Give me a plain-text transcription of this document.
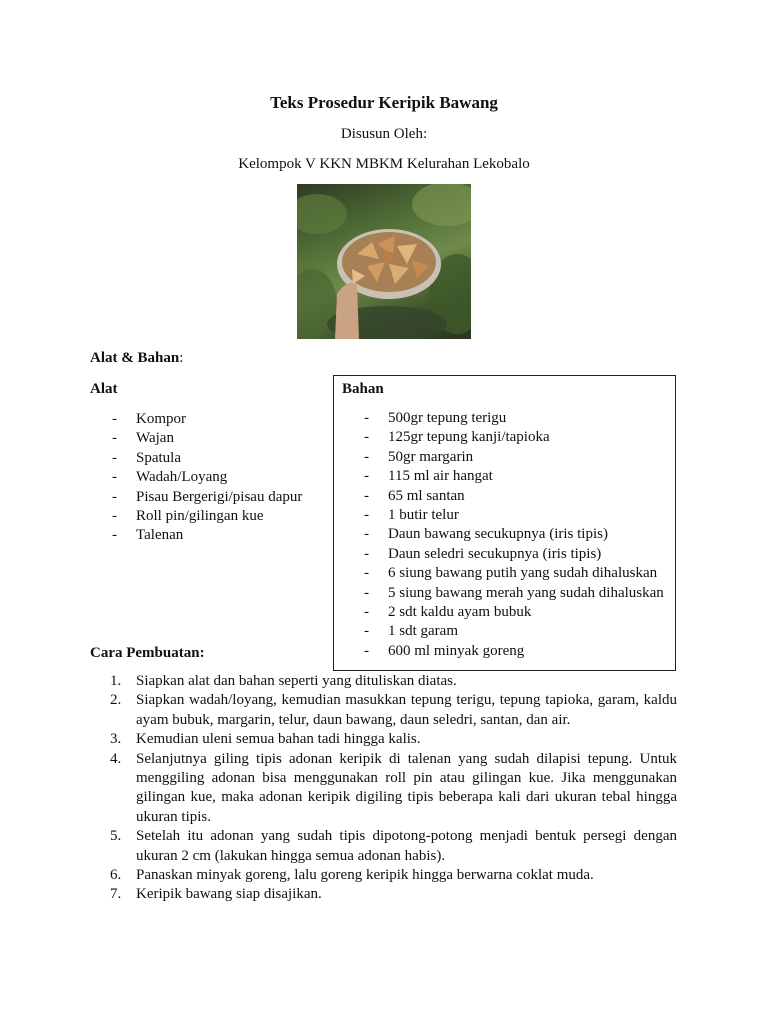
Teks Prosedur Keripik Bawang
Disusun Oleh:
Kelompok V KKN MBKM Kelurahan Lekobalo
Alat & Bahan:
Alat
- Kompor
- Wajan
- Spatula
- Wadah/Loyang
- Pisau Bergerigi/pisau dapur
- Roll pin/gilingan kue
- Talenan
Bahan
- 500gr tepung terigu
- 125gr tepung kanji/tapioka
- 50gr margarin
- 115 ml air hangat
- 65 ml santan
- 1 butir telur
- Daun bawang secukupnya (iris tipis)
- Daun seledri secukupnya (iris tipis)
- 6 siung bawang putih yang sudah dihaluskan
- 5 siung bawang merah yang sudah dihaluskan
- 2 sdt kaldu ayam bubuk
- 1 sdt garam
- 600 ml minyak goreng
Cara Pembuatan:
1. Siapkan alat dan bahan seperti yang dituliskan diatas.
2. Siapkan wadah/loyang, kemudian masukkan tepung terigu, tepung tapioka, garam, kaldu ayam bubuk, margarin, telur, daun bawang, daun seledri, santan, dan air.
3. Kemudian uleni semua bahan tadi hingga kalis.
4. Selanjutnya giling tipis adonan keripik di talenan yang sudah dilapisi tepung. Untuk menggiling adonan bisa menggunakan roll pin atau gilingan kue. Jika menggunakan gilingan kue, maka adonan keripik digiling tipis beberapa kali dari ukuran tebal hingga ukuran tipis.
5. Setelah itu adonan yang sudah tipis dipotong-potong menjadi bentuk persegi dengan ukuran 2 cm (lakukan hingga semua adonan habis).
6. Panaskan minyak goreng, lalu goreng keripik hingga berwarna coklat muda.
7. Keripik bawang siap disajikan.
